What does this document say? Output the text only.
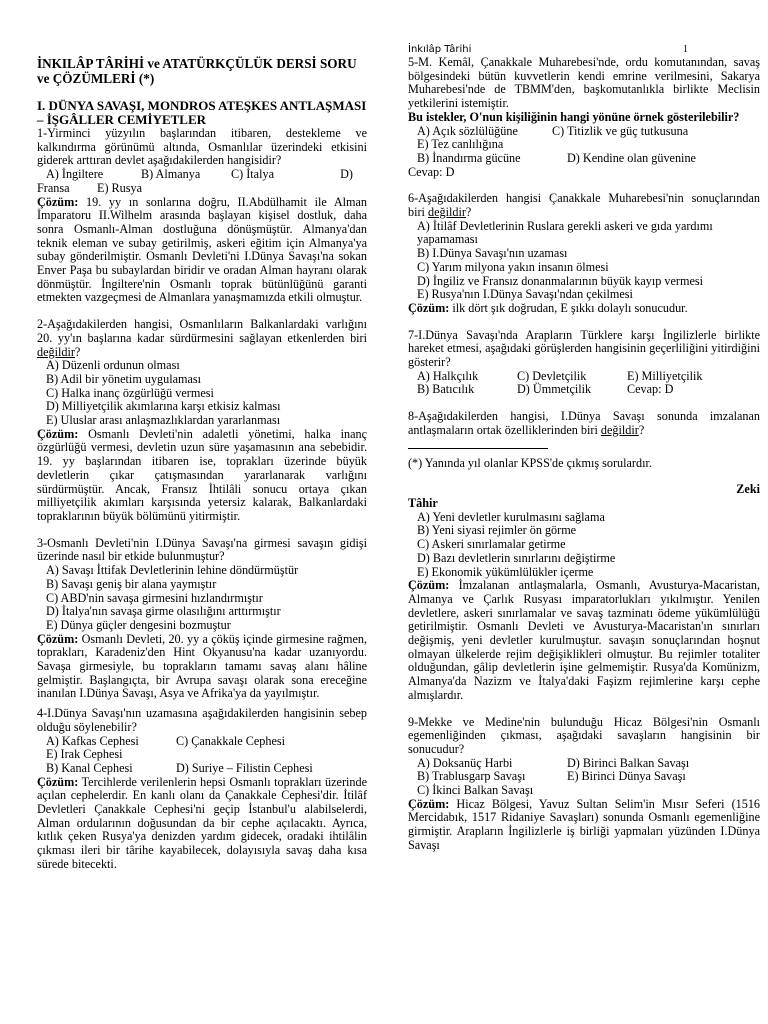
İnkılâp Târihi	1

İNKILÂP TÂRİHİ ve ATATÜRKÇÜLÜK DERSİ SORU ve ÇÖZÜMLERİ (*)

I. DÜNYA SAVAŞI, MONDROS ATEŞKES ANTLAŞMASI – İŞGÂLLER CEMİYETLER

1-Yirminci yüzyılın başlarından itibaren, destekleme ve kalkındırma görünümü altında, Osmanlılar üzerindeki etkisini giderek arttıran devlet aşağıdakilerden hangisidir?

A) İngiltere	B) Almanya	C) İtalya	D)
Fransa	E) Rusya

Çözüm: 19. yy ın sonlarına doğru, II.Abdülhamit ile Alman İmparatoru II.Wilhelm arasında başlayan kişisel dostluk, daha sonra Osmanlı-Alman dostluğuna dönüşmüştür. Almanya'dan teknik eleman ve subay getirilmiş, askeri eğitim için Almanya'ya subay gönderilmiştir. Osmanlı Devleti'ni I.Dünya Savaşı'na sokan Enver Paşa bu subaylardan biridir ve oradan Alman hayranı olarak dönmüştür. İngiltere'nin Osmanlı toprak bütünlüğünü garanti etmekten vazgeçmesi de Almanlara yanaşmamızda etkili olmuştur.

2-Aşağıdakilerden hangisi, Osmanlıların Balkanlardaki varlığını 20. yy'ın başlarına kadar sürdürmesini sağlayan etkenlerden biri değildir?

A) Düzenli ordunun olması

B) Adil bir yönetim uygulaması

C) Halka inanç özgürlüğü vermesi

D) Milliyetçilik akımlarına karşı etkisiz kalması

E) Uluslar arası anlaşmazlıklardan yararlanması

Çözüm: Osmanlı Devleti'nin adaletli yönetimi, halka inanç özgürlüğü vermesi, devletin uzun süre yaşamasının ana sebebidir. 19. yy başlarından itibaren ise, toprakları üzerinde büyük devletlerin çıkar çatışmasından yararlanarak varlığını sürdürmüştür. Ancak, Fransız İhtilâli sonucu ortaya çıkan milliyetçilik akımları karşısında yetersiz kalarak, Balkanlardaki topraklarının büyük bölümünü yitirmiştir.

3-Osmanlı Devleti'nin I.Dünya Savaşı'na girmesi savaşın gidişi üzerinde nasıl bir etkide bulunmuştur?

A) Savaşı İttifak Devletlerinin lehine döndürmüştür

B) Savaşı geniş bir alana yaymıştır

C) ABD'nin savaşa girmesini hızlandırmıştır

D) İtalya'nın savaşa girme olasılığını arttırmıştır

E) Dünya güçler dengesini bozmuştur

Çözüm: Osmanlı Devleti, 20. yy a çöküş içinde girmesine rağmen, toprakları, Karadeniz'den Hint Okyanusu'na kadar uzanıyordu. Savaşa girmesiyle, bu toprakların tamamı savaş alanı hâline gelmiştir. Başlangıçta, bir Avrupa savaşı olarak sona ereceğine inanılan I.Dünya Savaşı, Asya ve Afrika'ya da yayılmıştır.

4-I.Dünya Savaşı'nın uzamasına aşağıdakilerden hangisinin sebep olduğu söylenebilir?

A) Kafkas Cephesi	C) Çanakkale Cephesi
E) Irak Cephesi
B) Kanal Cephesi	D) Suriye – Filistin Cephesi

Çözüm: Tercihlerde verilenlerin hepsi Osmanlı toprakları üzerinde açılan cephelerdir. En kanlı olanı da Çanakkale Cephesi'dir. İtilâf Devletleri Çanakkale Cephesi'ni geçip İstanbul'u alabilselerdi, Alman ordularının doğusundan da bir cephe açılacaktı. Ayrıca, kıtlık çeken Rusya'ya denizden yardım gidecek, oradaki ihtilâlin çıkması ileri bir târihe kayabilecek, dolayısıyla savaş daha kısa sürede bitecekti.

5-M. Kemâl, Çanakkale Muharebesi'nde, ordu komutanından, savaş bölgesindeki bütün kuvvetlerin kendi emrine verilmesini, Sakarya Muharebesi'nde de TBMM'den, başkomutanlıkla birlikte Meclisin yetkilerini istemiştir.

Bu istekler, O'nun kişiliğinin hangi yönüne örnek gösterilebilir?

A) Açık sözlülüğüne	C) Titizlik ve güç tutkusuna
E) Tez canlılığına
B) İnandırma gücüne	D) Kendine olan güvenine

Cevap: D

6-Aşağıdakilerden hangisi Çanakkale Muharebesi'nin sonuçlarından biri değildir?

A) İtilâf Devletlerinin Ruslara gerekli askeri ve gıda yardımı yapamaması

B) I.Dünya Savaşı'nın uzaması

C) Yarım milyona yakın insanın ölmesi

D) İngiliz ve Fransız donanmalarının büyük kayıp vermesi

E) Rusya'nın I.Dünya Savaşı'ndan çekilmesi

Çözüm: ilk dört şık doğrudan, E şıkkı dolaylı sonucudur.

7-I.Dünya Savaşı'nda Arapların Türklere karşı İngilizlerle birlikte hareket etmesi, aşağıdaki görüşlerden hangisinin geçerliliğini yitirdiğini gösterir?

A) Halkçılık	C) Devletçilik	E) Milliyetçilik
B) Batıcılık	D) Ümmetçilik	Cevap: D

8-Aşağıdakilerden hangisi, I.Dünya Savaşı sonunda imzalanan antlaşmaların ortak özelliklerinden biri değildir?

(*) Yanında yıl olanlar KPSS'de çıkmış sorulardır.

Zeki

Tâhir

A) Yeni devletler kurulmasını sağlama

B) Yeni siyasi rejimler ön görme

C) Askeri sınırlamalar getirme

D) Bazı devletlerin sınırlarını değiştirme

E) Ekonomik yükümlülükler içerme

Çözüm: İmzalanan antlaşmalarla, Osmanlı, Avusturya-Macaristan, Almanya ve Çarlık Rusyası imparatorlukları yıkılmıştır. Yenilen devletlere, askeri sınırlamalar ve savaş tazminatı ödeme yükümlülüğü getirilmiştir. Osmanlı Devleti ve Avusturya-Macaristan'ın sınırları değişmiş, yeni devletler kurulmuştur. savaşın sonuçlarından hoşnut olmayan ülkelerde rejim değişiklikleri olmuştur. Bu rejimler totaliter olduğundan, gâlip devletlerin işine gelmemiştir. Rusya'da Komünizm, Almanya'da Nazizm ve İtalya'daki Faşizm rejimlerine karşı cephe almışlardır.

9-Mekke ve Medine'nin bulunduğu Hicaz Bölgesi'nin Osmanlı egemenliğinden çıkması, aşağıdaki savaşların hangisinin bir sonucudur?

A) Doksanüç Harbi	D) Birinci Balkan Savaşı
B) Trablusgarp Savaşı	E) Birinci Dünya Savaşı
C) İkinci Balkan Savaşı

Çözüm: Hicaz Bölgesi, Yavuz Sultan Selim'in Mısır Seferi (1516 Mercidabık, 1517 Ridaniye Savaşları) sonunda Osmanlı egemenliğine girmiştir. Arapların İngilizlerle iş birliği yapmaları yüzünden I.Dünya Savaşı
